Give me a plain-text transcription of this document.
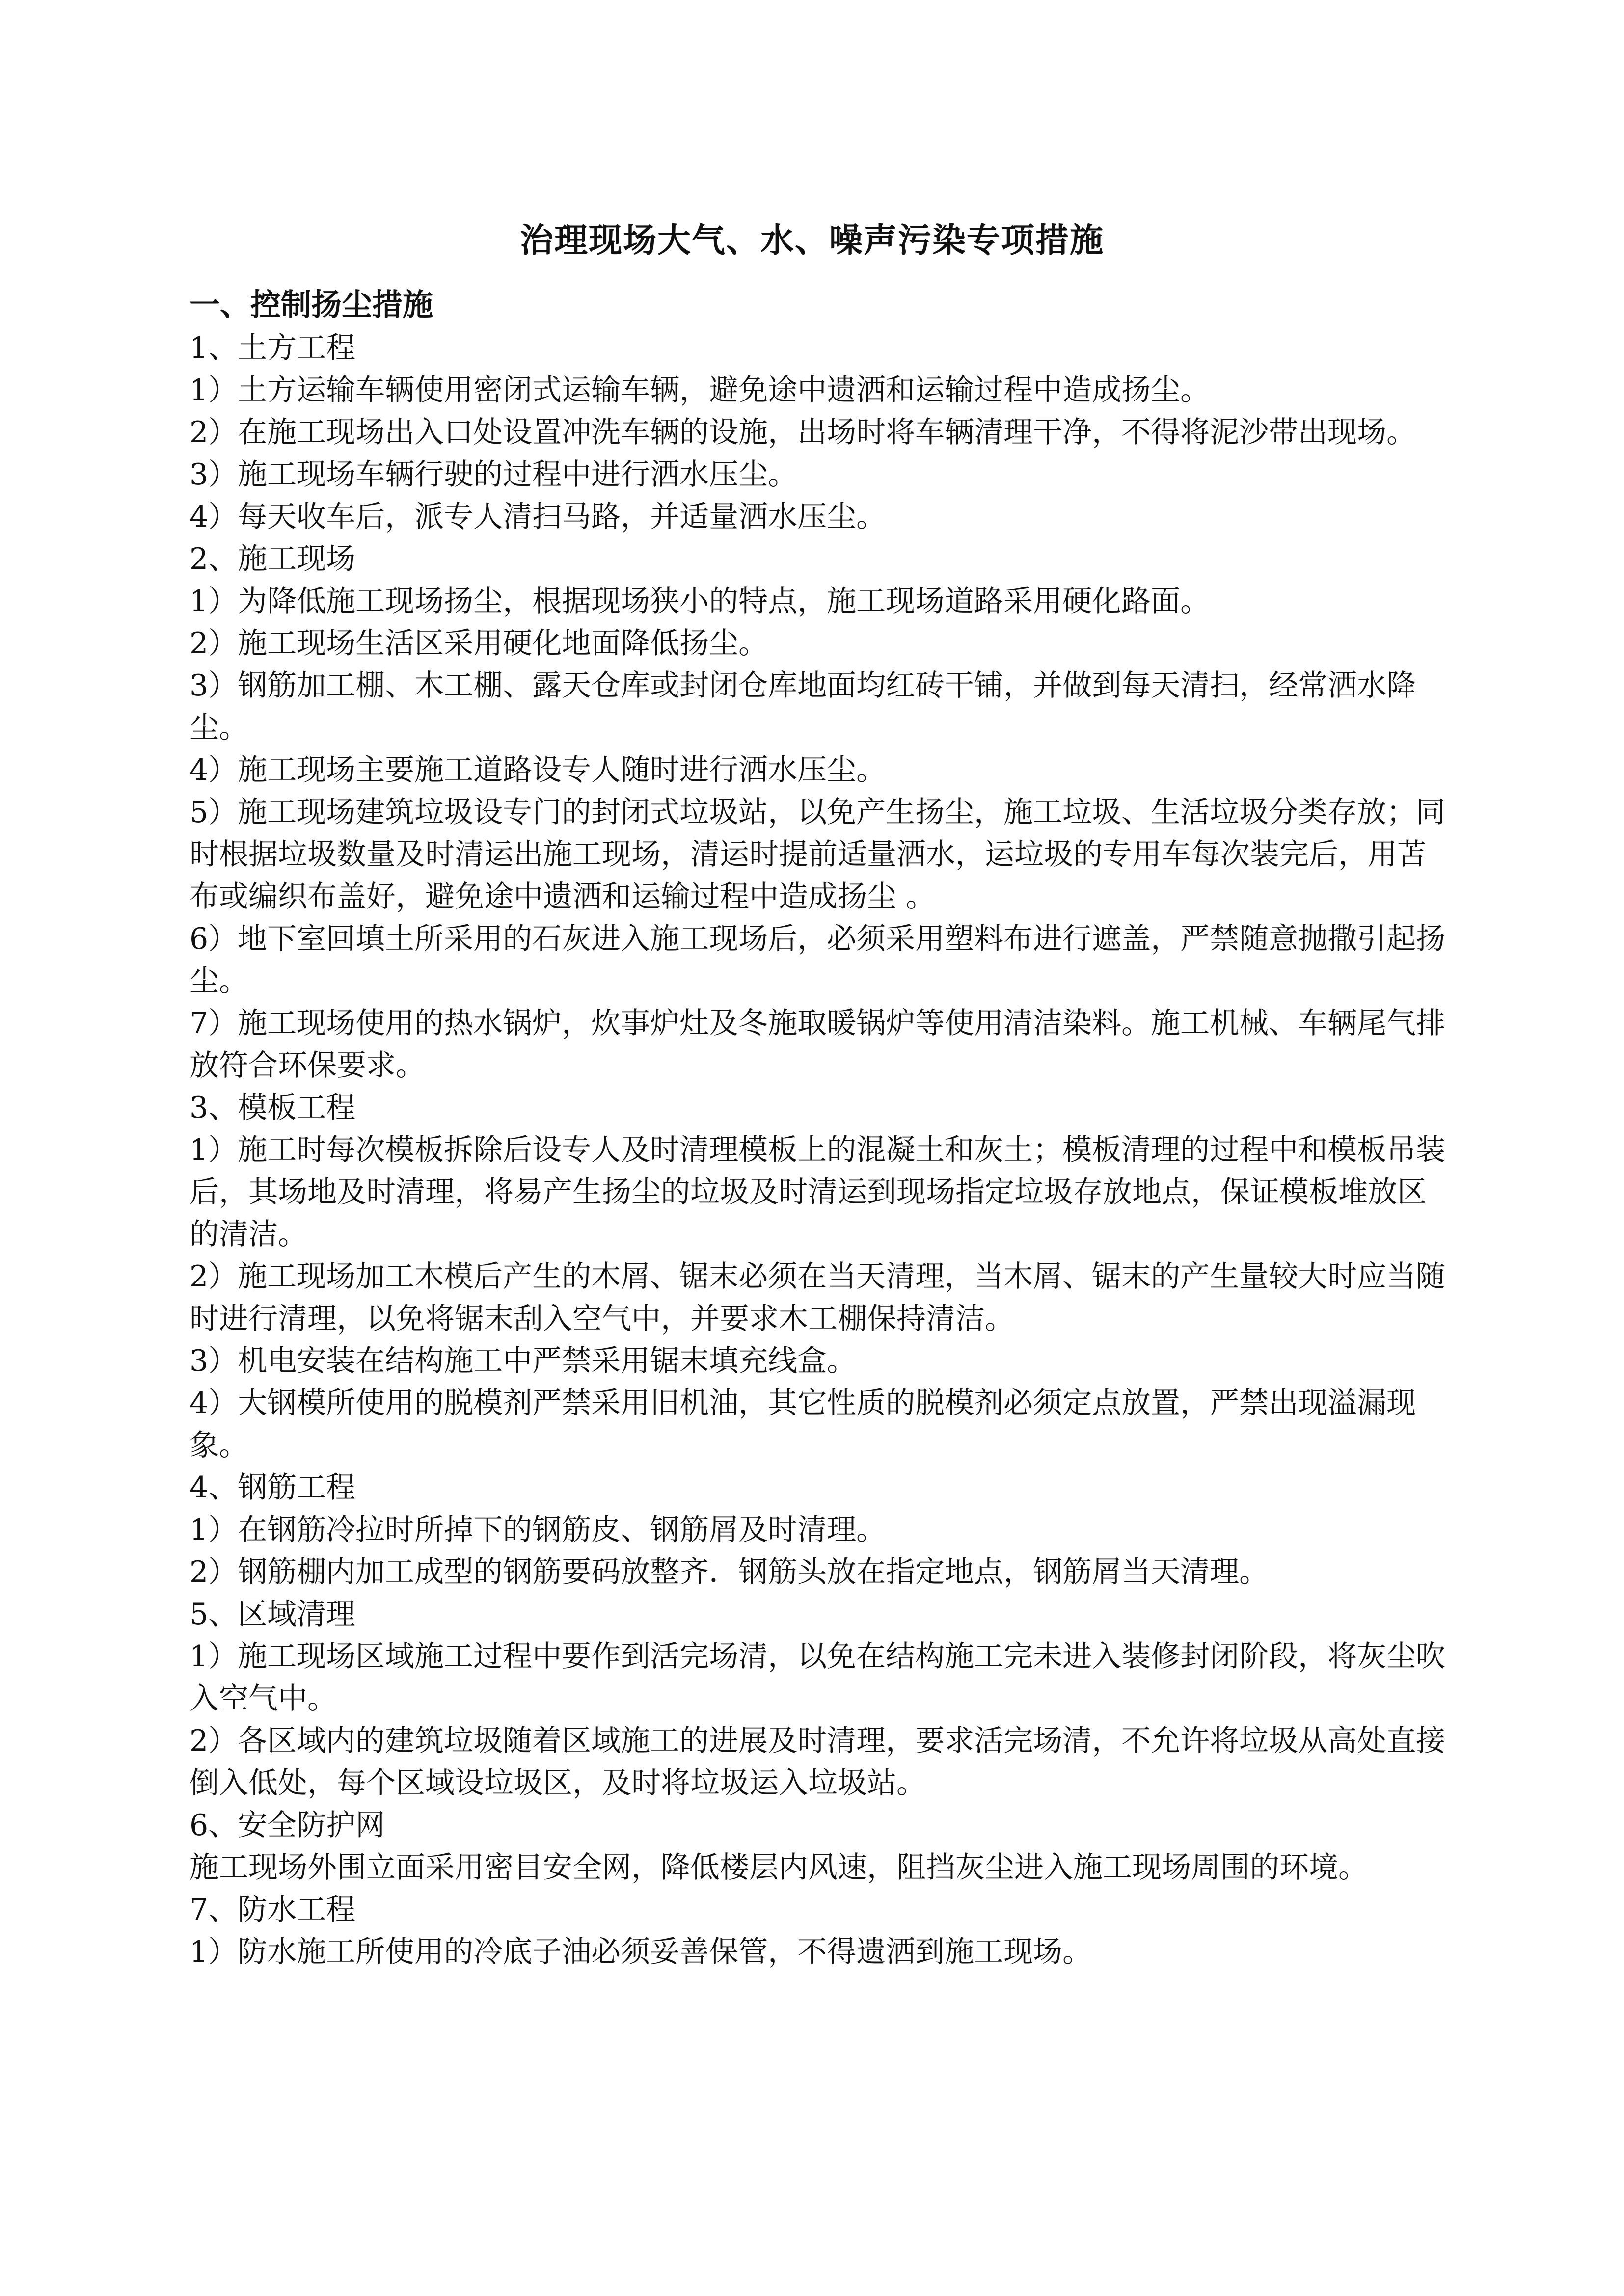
治理现场大气、水、噪声污染专项措施

一、控制扬尘措施

1、土方工程

1）土方运输车辆使用密闭式运输车辆，避免途中遗洒和运输过程中造成扬尘。

2）在施工现场出入口处设置冲洗车辆的设施，出场时将车辆清理干净，不得将泥沙带出现场。

3）施工现场车辆行驶的过程中进行洒水压尘。

4）每天收车后，派专人清扫马路，并适量洒水压尘。

2、施工现场

1）为降低施工现场扬尘，根据现场狭小的特点，施工现场道路采用硬化路面。

2）施工现场生活区采用硬化地面降低扬尘。

3）钢筋加工棚、木工棚、露天仓库或封闭仓库地面均红砖干铺，并做到每天清扫，经常洒水降尘。

4）施工现场主要施工道路设专人随时进行洒水压尘。

5）施工现场建筑垃圾设专门的封闭式垃圾站，以免产生扬尘，施工垃圾、生活垃圾分类存放；同时根据垃圾数量及时清运出施工现场，清运时提前适量洒水，运垃圾的专用车每次装完后，用苫布或编织布盖好，避免途中遗洒和运输过程中造成扬尘 。

6）地下室回填土所采用的石灰进入施工现场后，必须采用塑料布进行遮盖，严禁随意抛撒引起扬尘。

7）施工现场使用的热水锅炉，炊事炉灶及冬施取暖锅炉等使用清洁染料。施工机械、车辆尾气排放符合环保要求。

3、模板工程

1）施工时每次模板拆除后设专人及时清理模板上的混凝土和灰土；模板清理的过程中和模板吊装后，其场地及时清理，将易产生扬尘的垃圾及时清运到现场指定垃圾存放地点，保证模板堆放区的清洁。

2）施工现场加工木模后产生的木屑、锯末必须在当天清理，当木屑、锯末的产生量较大时应当随时进行清理，以免将锯末刮入空气中，并要求木工棚保持清洁。

3）机电安装在结构施工中严禁采用锯末填充线盒。

4）大钢模所使用的脱模剂严禁采用旧机油，其它性质的脱模剂必须定点放置，严禁出现溢漏现象。

4、钢筋工程

1）在钢筋冷拉时所掉下的钢筋皮、钢筋屑及时清理。

2）钢筋棚内加工成型的钢筋要码放整齐．钢筋头放在指定地点，钢筋屑当天清理。

5、区域清理

1）施工现场区域施工过程中要作到活完场清，以免在结构施工完未进入装修封闭阶段，将灰尘吹入空气中。

2）各区域内的建筑垃圾随着区域施工的进展及时清理，要求活完场清，不允许将垃圾从高处直接倒入低处，每个区域设垃圾区，及时将垃圾运入垃圾站。

6、安全防护网

施工现场外围立面采用密目安全网，降低楼层内风速，阻挡灰尘进入施工现场周围的环境。

7、防水工程

1）防水施工所使用的冷底子油必须妥善保管，不得遗洒到施工现场。
